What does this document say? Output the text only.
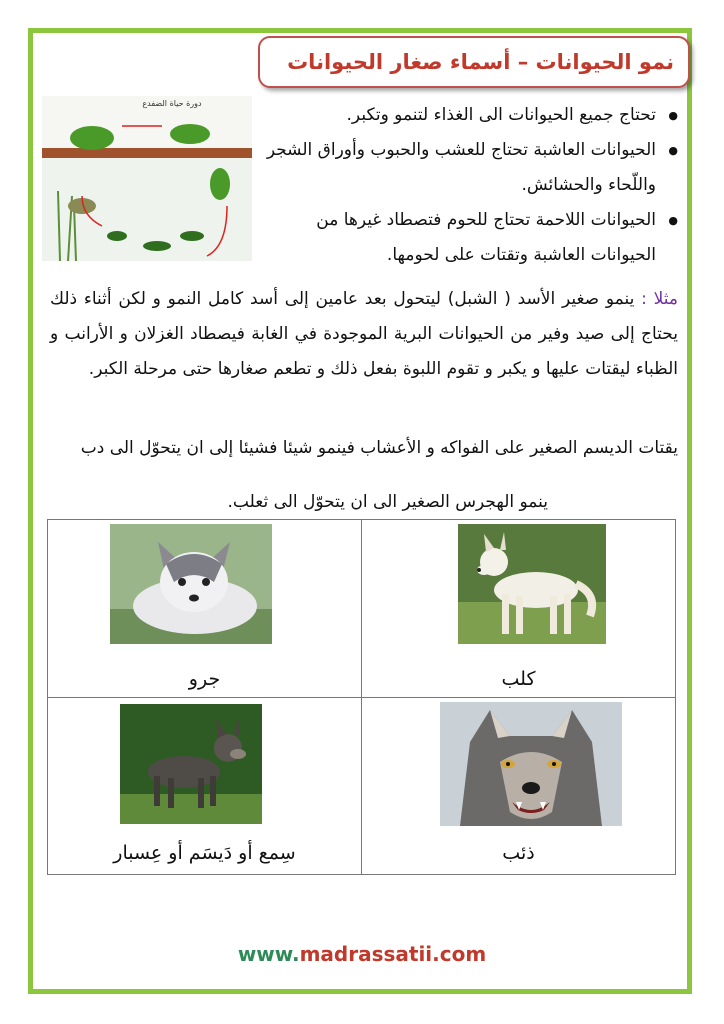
نمو الحيوانات – أسماء صغار الحيوانات
دورة حياة الضفدع
● تحتاج جميع الحيوانات الى الغذاء لتنمو وتكبر.
● الحيوانات العاشبة تحتاج للعشب والحبوب وأوراق الشجر واللّحاء والحشائش.
● الحيوانات اللاحمة تحتاج للحوم فتصطاد غيرها من الحيوانات العاشبة وتقتات على لحومها.
مثلا : ينمو صغير الأسد ( الشبل) ليتحول بعد عامين إلى أسد كامل النمو و لكن أثناء ذلك يحتاج إلى صيد وفير من الحيوانات البرية الموجودة في الغابة فيصطاد الغزلان و الأرانب و الظباء ليقتات عليها و يكبر و تقوم اللبوة بفعل ذلك و تطعم صغارها حتى مرحلة الكبر.
يقتات الديسم الصغير على الفواكه و الأعشاب فينمو شيئا فشيئا إلى ان يتحوّل الى دب
ينمو الهجرس الصغير الى ان يتحوّل الى ثعلب.
جرو	كلب

سِمع أو دَيسَم أو عِسبار	ذئب
www.madrassatii.com
